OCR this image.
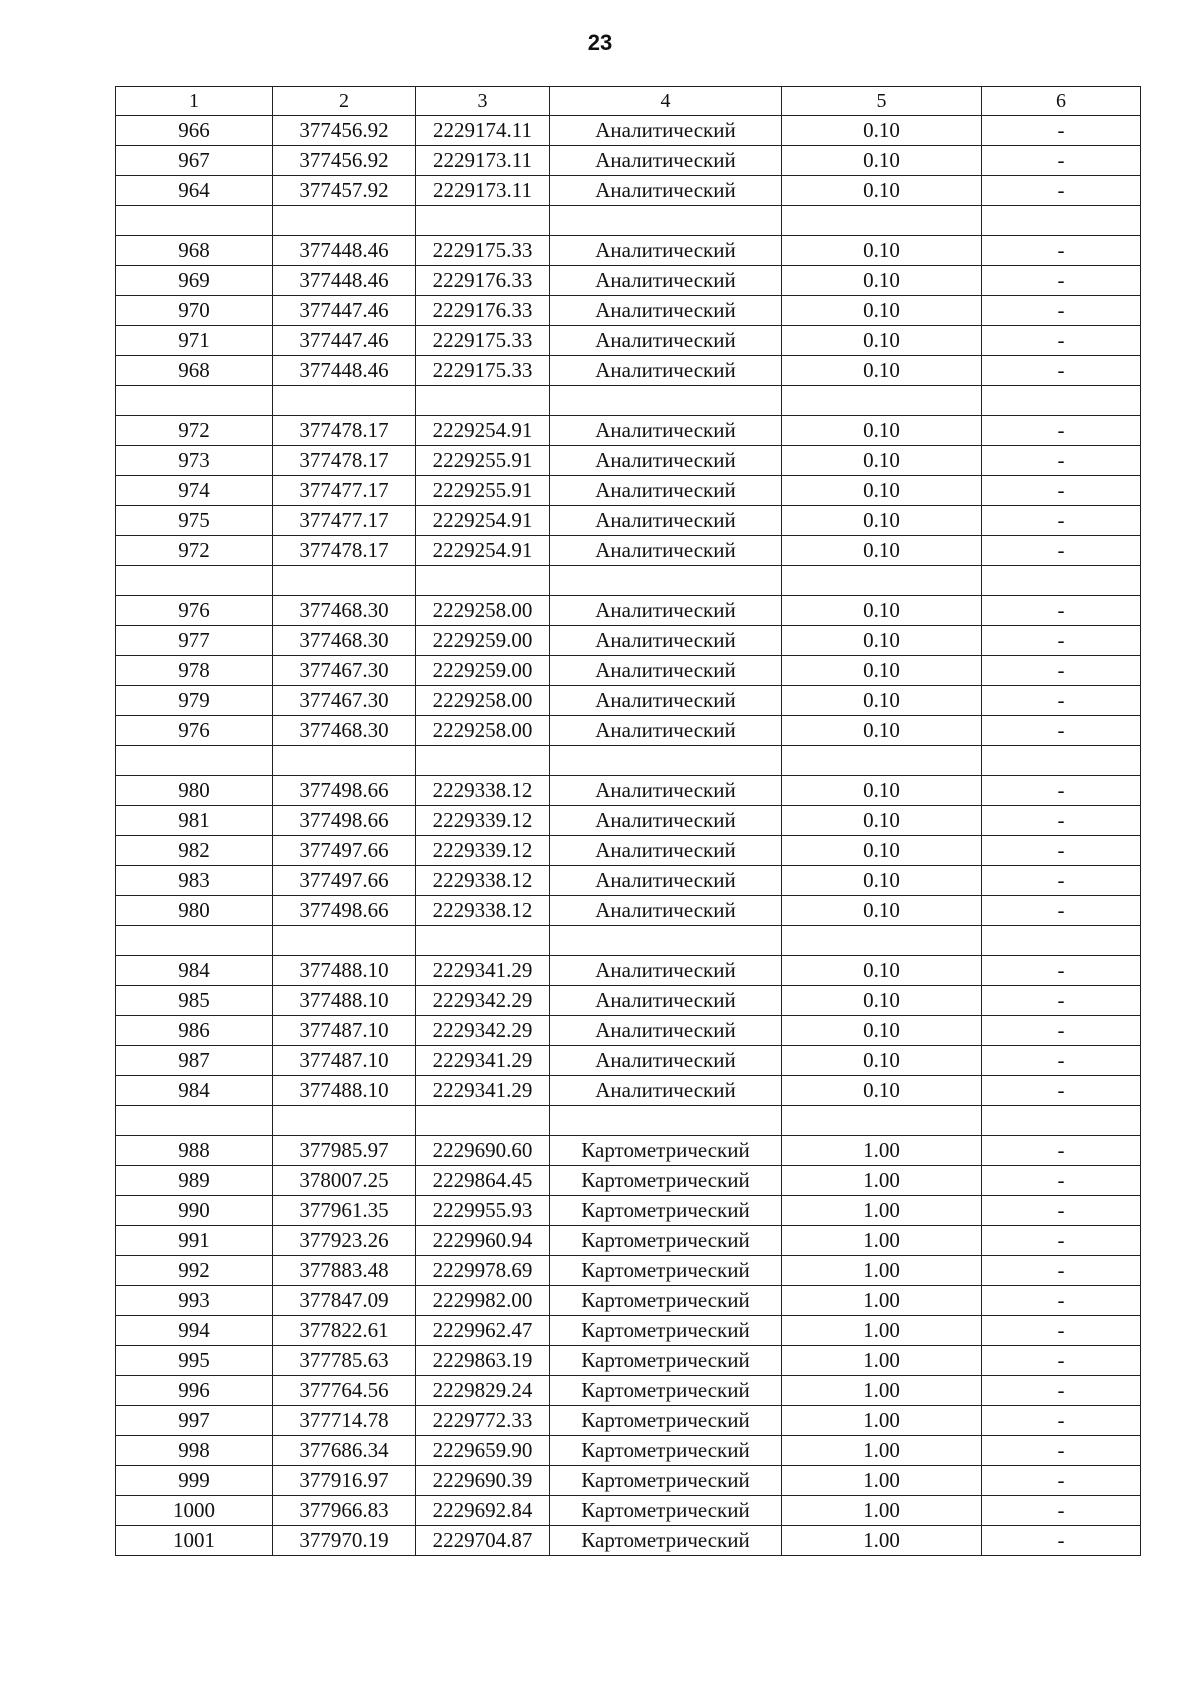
23
1	2	3	4	5	6
966	377456.92	2229174.11	Аналитический	0.10	-
967	377456.92	2229173.11	Аналитический	0.10	-
964	377457.92	2229173.11	Аналитический	0.10	-

968	377448.46	2229175.33	Аналитический	0.10	-
969	377448.46	2229176.33	Аналитический	0.10	-
970	377447.46	2229176.33	Аналитический	0.10	-
971	377447.46	2229175.33	Аналитический	0.10	-
968	377448.46	2229175.33	Аналитический	0.10	-

972	377478.17	2229254.91	Аналитический	0.10	-
973	377478.17	2229255.91	Аналитический	0.10	-
974	377477.17	2229255.91	Аналитический	0.10	-
975	377477.17	2229254.91	Аналитический	0.10	-
972	377478.17	2229254.91	Аналитический	0.10	-

976	377468.30	2229258.00	Аналитический	0.10	-
977	377468.30	2229259.00	Аналитический	0.10	-
978	377467.30	2229259.00	Аналитический	0.10	-
979	377467.30	2229258.00	Аналитический	0.10	-
976	377468.30	2229258.00	Аналитический	0.10	-

980	377498.66	2229338.12	Аналитический	0.10	-
981	377498.66	2229339.12	Аналитический	0.10	-
982	377497.66	2229339.12	Аналитический	0.10	-
983	377497.66	2229338.12	Аналитический	0.10	-
980	377498.66	2229338.12	Аналитический	0.10	-

984	377488.10	2229341.29	Аналитический	0.10	-
985	377488.10	2229342.29	Аналитический	0.10	-
986	377487.10	2229342.29	Аналитический	0.10	-
987	377487.10	2229341.29	Аналитический	0.10	-
984	377488.10	2229341.29	Аналитический	0.10	-

988	377985.97	2229690.60	Картометрический	1.00	-
989	378007.25	2229864.45	Картометрический	1.00	-
990	377961.35	2229955.93	Картометрический	1.00	-
991	377923.26	2229960.94	Картометрический	1.00	-
992	377883.48	2229978.69	Картометрический	1.00	-
993	377847.09	2229982.00	Картометрический	1.00	-
994	377822.61	2229962.47	Картометрический	1.00	-
995	377785.63	2229863.19	Картометрический	1.00	-
996	377764.56	2229829.24	Картометрический	1.00	-
997	377714.78	2229772.33	Картометрический	1.00	-
998	377686.34	2229659.90	Картометрический	1.00	-
999	377916.97	2229690.39	Картометрический	1.00	-
1000	377966.83	2229692.84	Картометрический	1.00	-
1001	377970.19	2229704.87	Картометрический	1.00	-
